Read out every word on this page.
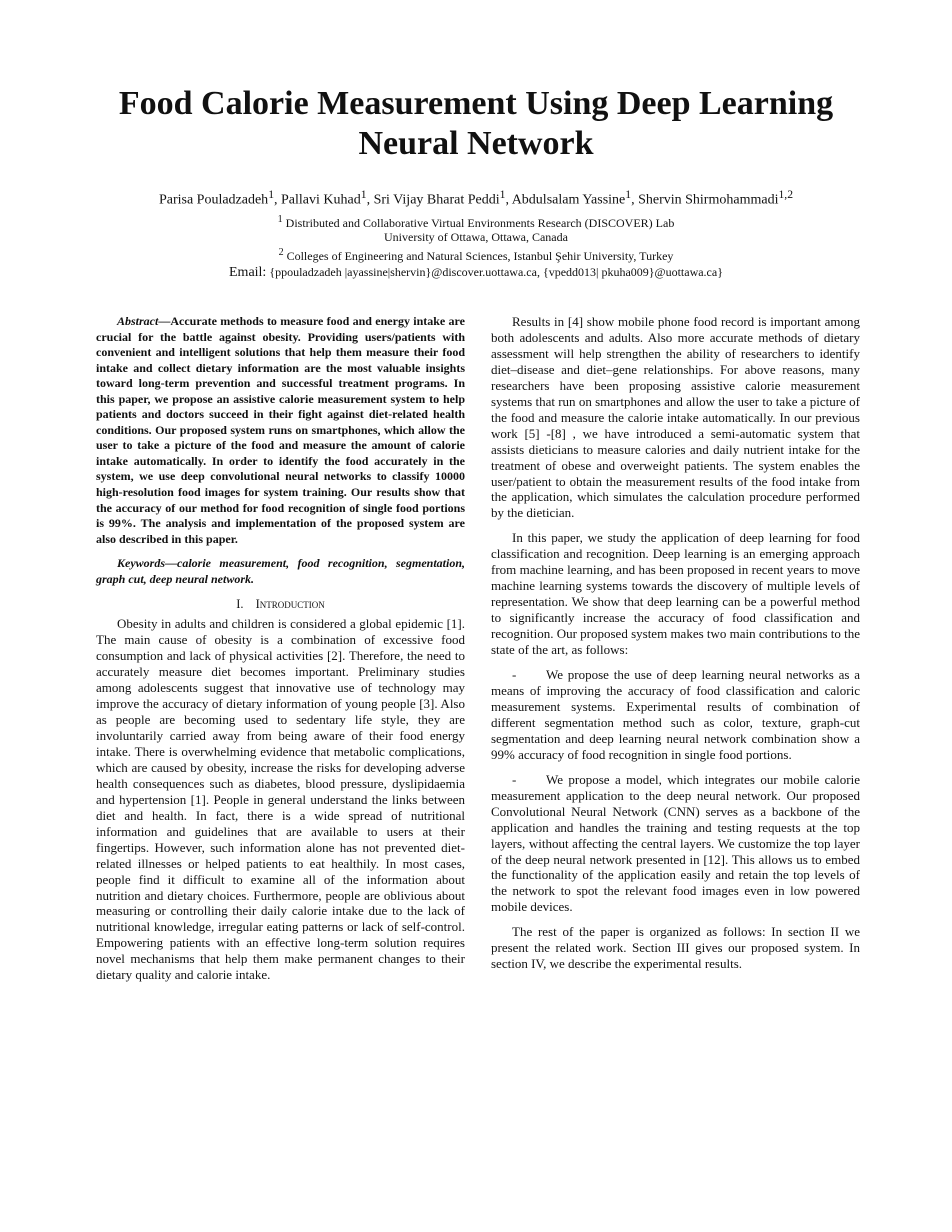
Food Calorie Measurement Using Deep Learning
Neural Network
Parisa Pouladzadeh$^1$, Pallavi Kuhad$^1$, Sri Vijay Bharat Peddi$^1$, Abdulsalam Yassine$^1$, Shervin Shirmohammadi$^{1,2}$
$^1$ Distributed and Collaborative Virtual Environments Research (DISCOVER) Lab
University of Ottawa, Ottawa, Canada
$^2$ Colleges of Engineering and Natural Sciences, Istanbul Şehir University, Turkey
Email: {ppouladzadeh |ayassine|shervin}@discover.uottawa.ca, {vpedd013| pkuha009}@uottawa.ca}

Abstract—Accurate methods to measure food and energy intake are crucial for the battle against obesity. Providing users/patients with convenient and intelligent solutions that help them measure their food intake and collect dietary information are the most valuable insights toward long-term prevention and successful treatment programs. In this paper, we propose an assistive calorie measurement system to help patients and doctors succeed in their fight against diet-related health conditions. Our proposed system runs on smartphones, which allow the user to take a picture of the food and measure the amount of calorie intake automatically. In order to identify the food accurately in the system, we use deep convolutional neural networks to classify 10000 high-resolution food images for system training. Our results show that the accuracy of our method for food recognition of single food portions is 99%. The analysis and implementation of the proposed system are also described in this paper.

Keywords—calorie measurement, food recognition, segmentation, graph cut, deep neural network.

I. Introduction

Obesity in adults and children is considered a global epidemic [1]. The main cause of obesity is a combination of excessive food consumption and lack of physical activities [2]. Therefore, the need to accurately measure diet becomes important. Preliminary studies among adolescents suggest that innovative use of technology may improve the accuracy of dietary information of young people [3]. Also as people are becoming used to sedentary life style, they are involuntarily carried away from being aware of their food energy intake. There is overwhelming evidence that metabolic complications, which are caused by obesity, increase the risks for developing adverse health consequences such as diabetes, blood pressure, dyslipidaemia and hypertension [1]. People in general understand the links between diet and health. In fact, there is a wide spread of nutritional information and guidelines that are available to users at their fingertips. However, such information alone has not prevented diet-related illnesses or helped patients to eat healthily. In most cases, people find it difficult to examine all of the information about nutrition and dietary choices. Furthermore, people are oblivious about measuring or controlling their daily calorie intake due to the lack of nutritional knowledge, irregular eating patterns or lack of self-control. Empowering patients with an effective long-term solution requires novel mechanisms that help them make permanent changes to their dietary quality and calorie intake.

Results in [4] show mobile phone food record is important among both adolescents and adults. Also more accurate methods of dietary assessment will help strengthen the ability of researchers to identify diet–disease and diet–gene relationships. For above reasons, many researchers have been proposing assistive calorie measurement systems that run on smartphones and allow the user to take a picture of the food and measure the calorie intake automatically. In our previous work [5] -[8] , we have introduced a semi-automatic system that assists dieticians to measure calories and daily nutrient intake for the treatment of obese and overweight patients. The system enables the user/patient to obtain the measurement results of the food intake from the application, which simulates the calculation procedure performed by the dietician.

In this paper, we study the application of deep learning for food classification and recognition. Deep learning is an emerging approach from machine learning, and has been proposed in recent years to move machine learning systems towards the discovery of multiple levels of representation. We show that deep learning can be a powerful method to significantly increase the accuracy of food classification and recognition. Our proposed system makes two main contributions to the state of the art, as follows:

- We propose the use of deep learning neural networks as a means of improving the accuracy of food classification and caloric measurement systems. Experimental results of combination of different segmentation method such as color, texture, graph-cut segmentation and deep learning neural network combination show a 99% accuracy of food recognition in single food portions.

- We propose a model, which integrates our mobile calorie measurement application to the deep neural network. Our proposed Convolutional Neural Network (CNN) serves as a backbone of the application and handles the training and testing requests at the top layers, without affecting the central layers. We customize the top layer of the deep neural network presented in [12]. This allows us to embed the functionality of the application easily and retain the top levels of the network to spot the relevant food images even in low powered mobile devices.

The rest of the paper is organized as follows: In section II we present the related work. Section III gives our proposed system. In section IV, we describe the experimental results.
